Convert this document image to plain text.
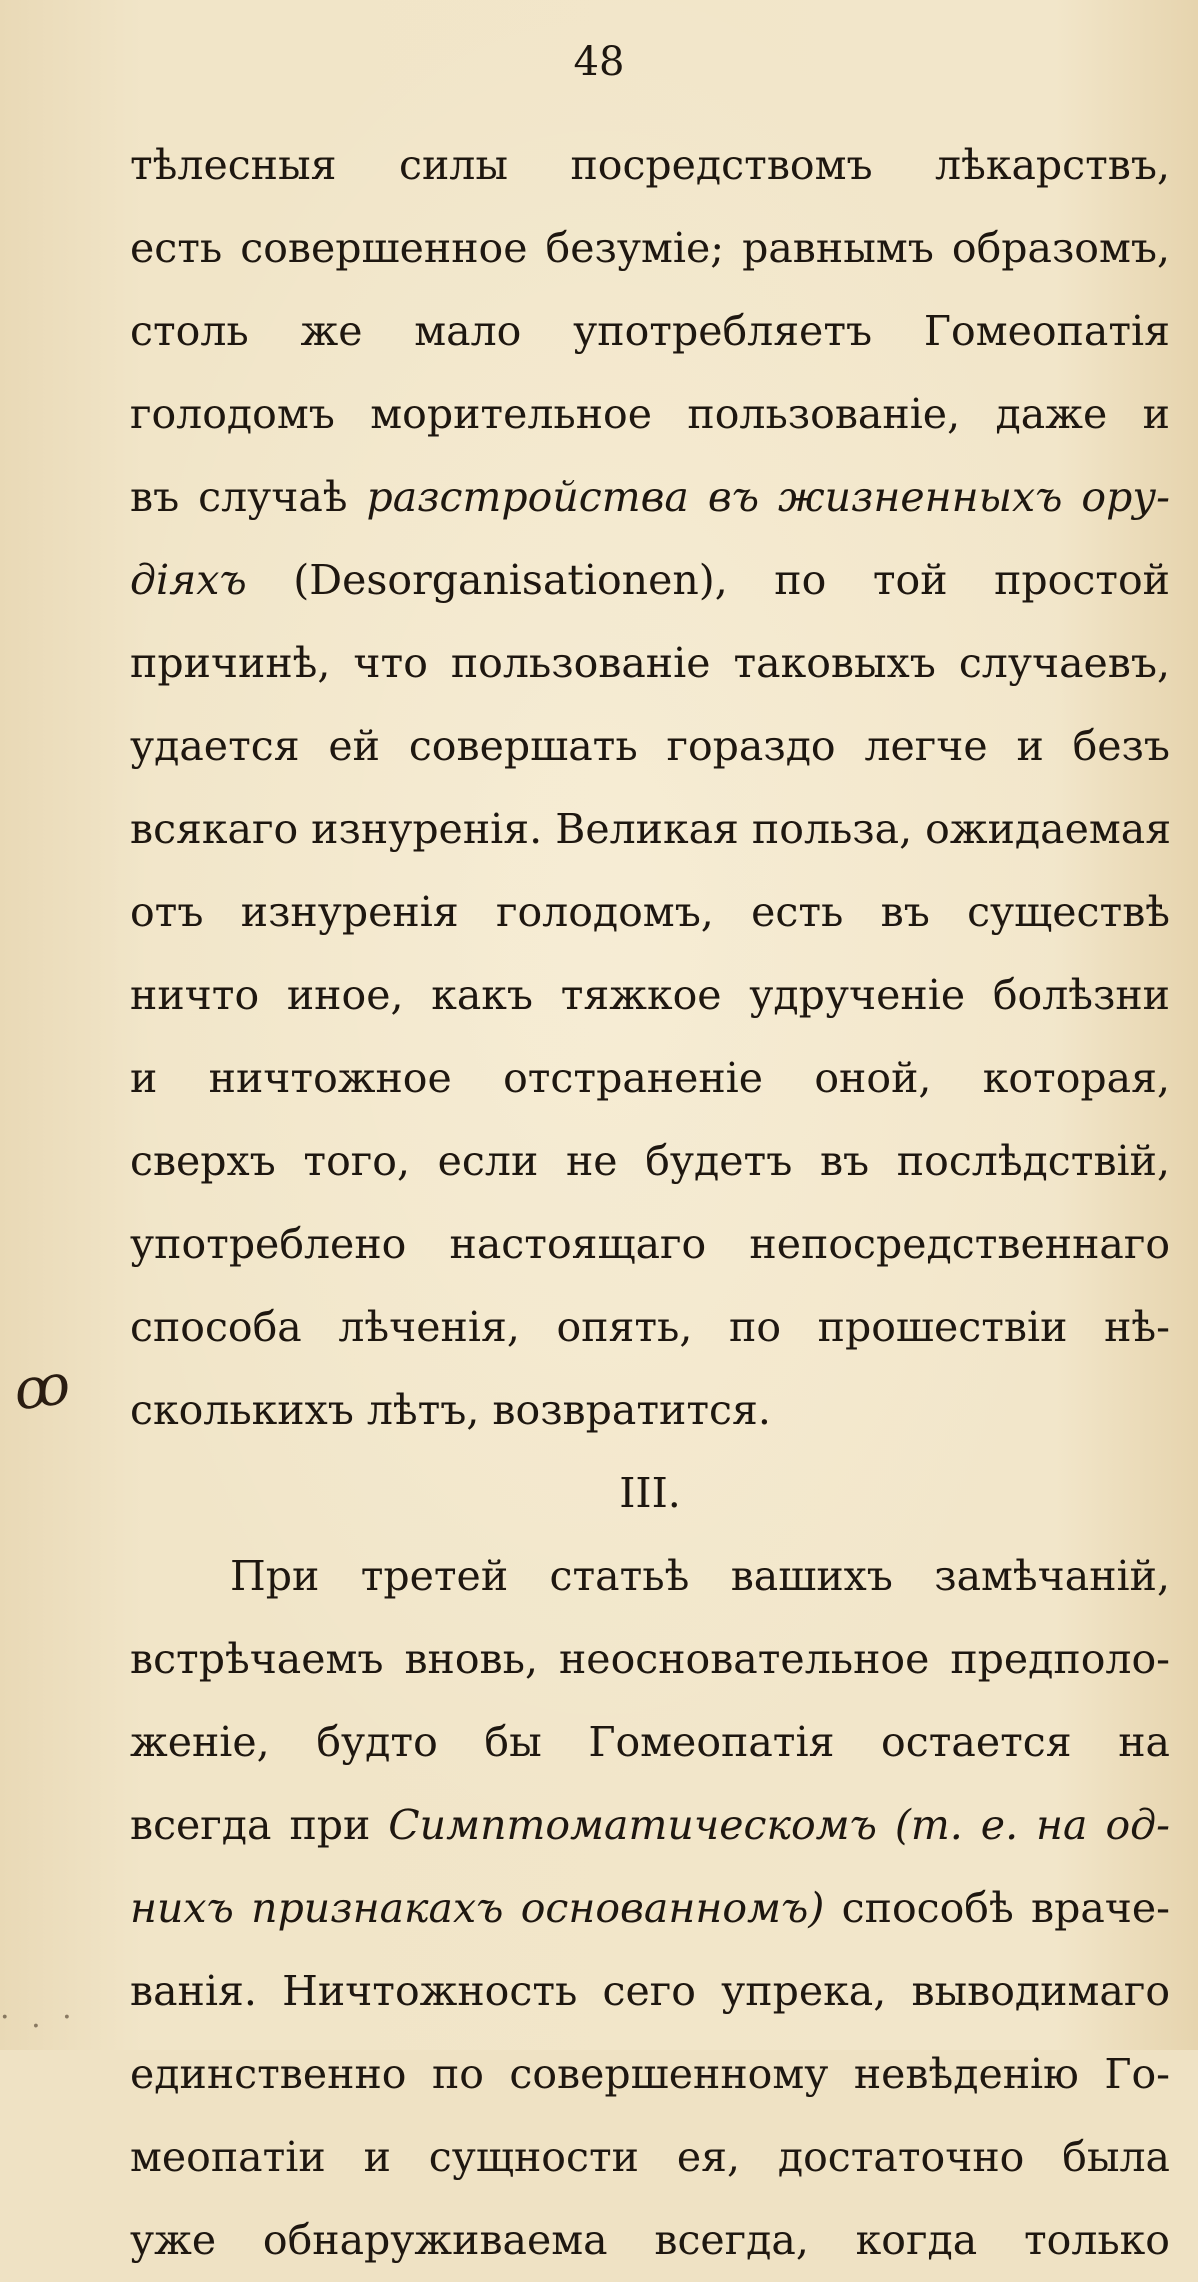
48
тѣлесныя силы посредствомъ лѣкарствъ,
есть совершенное безуміе; равнымъ образомъ,
столь же мало употребляетъ Гомеопатія
голодомъ морительное пользованіе, даже и
въ случаѣ разстройства въ жизненныхъ ору-
діяхъ (Desorganisationen), по той простой
причинѣ, что пользованіе таковыхъ случаевъ,
удается ей совершать гораздо легче и безъ
всякаго изнуренія. Великая польза, ожидаемая
отъ изнуренія голодомъ, есть въ существѣ
ничто иное, какъ тяжкое удрученіе болѣзни
и ничтожное отстраненіе оной, которая,
сверхъ того, если не будетъ въ послѣдствій,
употреблено настоящаго непосредственнаго
способа лѣченія, опять, по прошествіи нѣ-
сколькихъ лѣтъ, возвратится.
III.
При третей статьѣ вашихъ замѣчаній,
встрѣчаемъ вновь, неосновательное предполо-
женіе, будто бы Гомеопатія остается на
всегда при Симптоматическомъ (т. е. на од-
нихъ признакахъ основанномъ) способѣ враче-
ванія. Ничтожность сего упрека, выводимаго
единственно по совершенному невѣденію Го-
меопатіи и сущности ея, достаточно была
уже обнаруживаема всегда, когда только
ꝏ
· . ·
